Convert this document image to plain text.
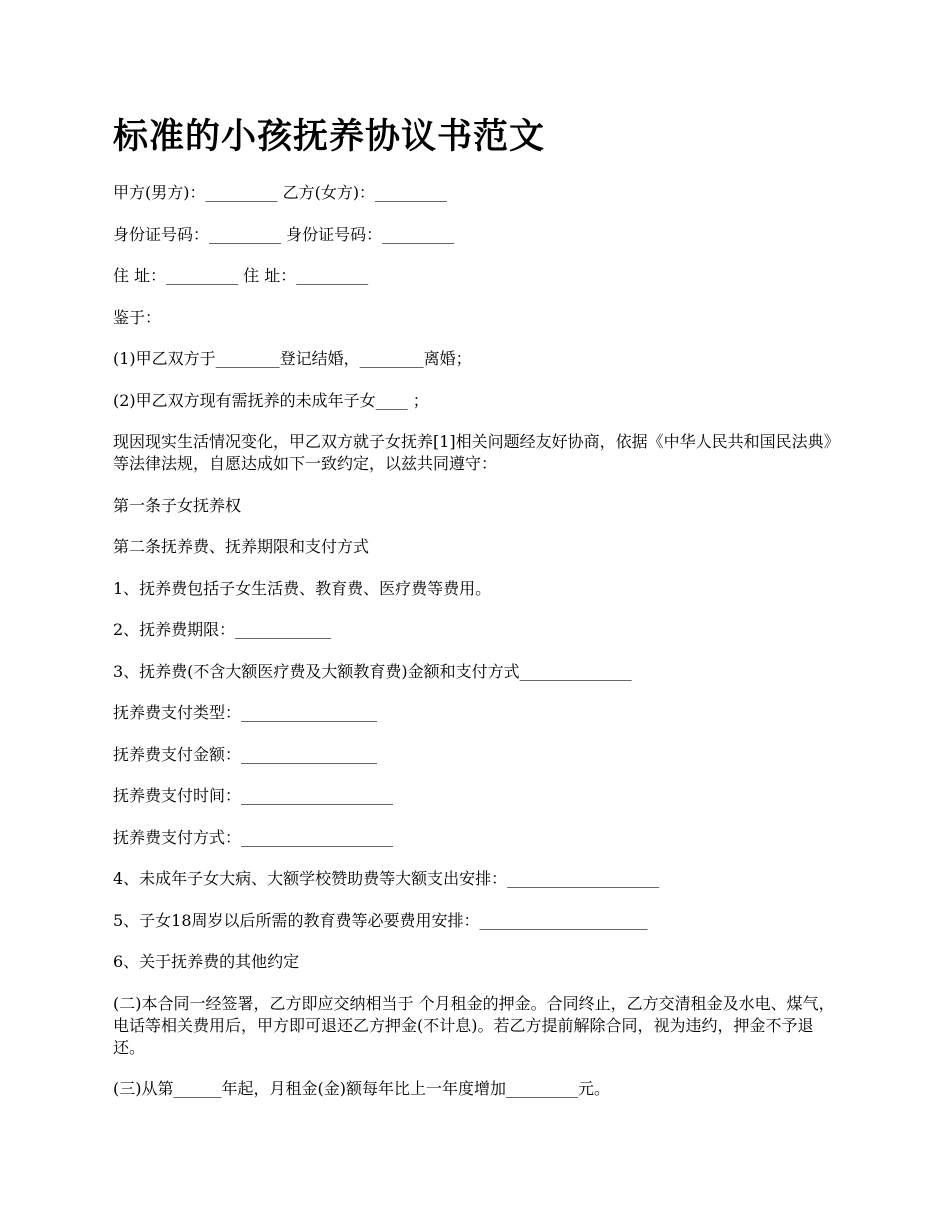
标准的小孩抚养协议书范文

甲方(男方)：_________ 乙方(女方)：_________

身份证号码：_________ 身份证号码：_________

住 址：_________ 住 址：_________

鉴于：

(1)甲乙双方于________登记结婚，________离婚；

(2)甲乙双方现有需抚养的未成年子女____ ；

现因现实生活情况变化，甲乙双方就子女抚养[1]相关问题经友好协商，依据《中华人民共和国民法典》等法律法规，自愿达成如下一致约定，以兹共同遵守：

第一条子女抚养权

第二条抚养费、抚养期限和支付方式

1、抚养费包括子女生活费、教育费、医疗费等费用。

2、抚养费期限：____________

3、抚养费(不含大额医疗费及大额教育费)金额和支付方式______________

抚养费支付类型：_________________

抚养费支付金额：_________________

抚养费支付时间：___________________

抚养费支付方式：___________________

4、未成年子女大病、大额学校赞助费等大额支出安排：___________________

5、子女18周岁以后所需的教育费等必要费用安排：_____________________

6、关于抚养费的其他约定

(二)本合同一经签署，乙方即应交纳相当于 个月租金的押金。合同终止，乙方交清租金及水电、煤气，电话等相关费用后，甲方即可退还乙方押金(不计息)。若乙方提前解除合同，视为违约，押金不予退还。

(三)从第______年起，月租金(金)额每年比上一年度增加_________元。
